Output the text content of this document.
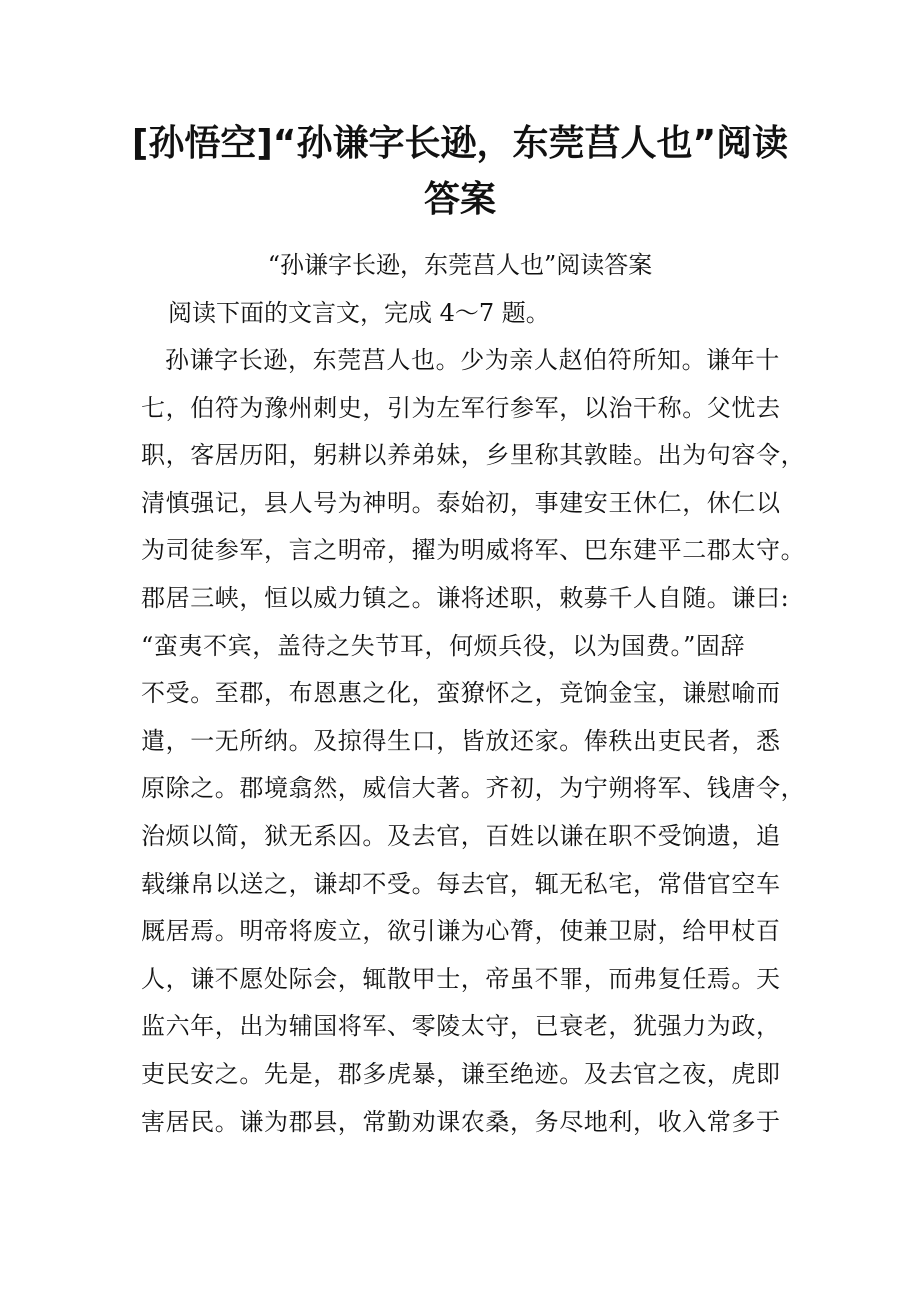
[孙悟空]“孙谦字长逊，东莞莒人也”阅读
答案
“孙谦字长逊，东莞莒人也”阅读答案
阅读下面的文言文，完成 4～7 题。
孙谦字长逊，东莞莒人也。少为亲人赵伯符所知。谦年十
七，伯符为豫州刺史，引为左军行参军，以治干称。父忧去
职，客居历阳，躬耕以养弟妹，乡里称其敦睦。出为句容令，
清慎强记，县人号为神明。泰始初，事建安王休仁，休仁以
为司徒参军，言之明帝，擢为明威将军、巴东建平二郡太守。
郡居三峡，恒以威力镇之。谦将述职，敕募千人自随。谦曰:
“蛮夷不宾，盖待之失节耳，何烦兵役，以为国费。”固辞
不受。至郡，布恩惠之化，蛮獠怀之，竞饷金宝，谦慰喻而
遣，一无所纳。及掠得生口，皆放还家。俸秩出吏民者，悉
原除之。郡境翕然，威信大著。齐初，为宁朔将军、钱唐令，
治烦以简，狱无系囚。及去官，百姓以谦在职不受饷遗，追
载缣帛以送之，谦却不受。每去官，辄无私宅，常借官空车
厩居焉。明帝将废立，欲引谦为心膂，使兼卫尉，给甲杖百
人，谦不愿处际会，辄散甲士，帝虽不罪，而弗复任焉。天
监六年，出为辅国将军、零陵太守，已衰老，犹强力为政，
吏民安之。先是，郡多虎暴，谦至绝迹。及去官之夜，虎即
害居民。谦为郡县，常勤劝课农桑，务尽地利，收入常多于
